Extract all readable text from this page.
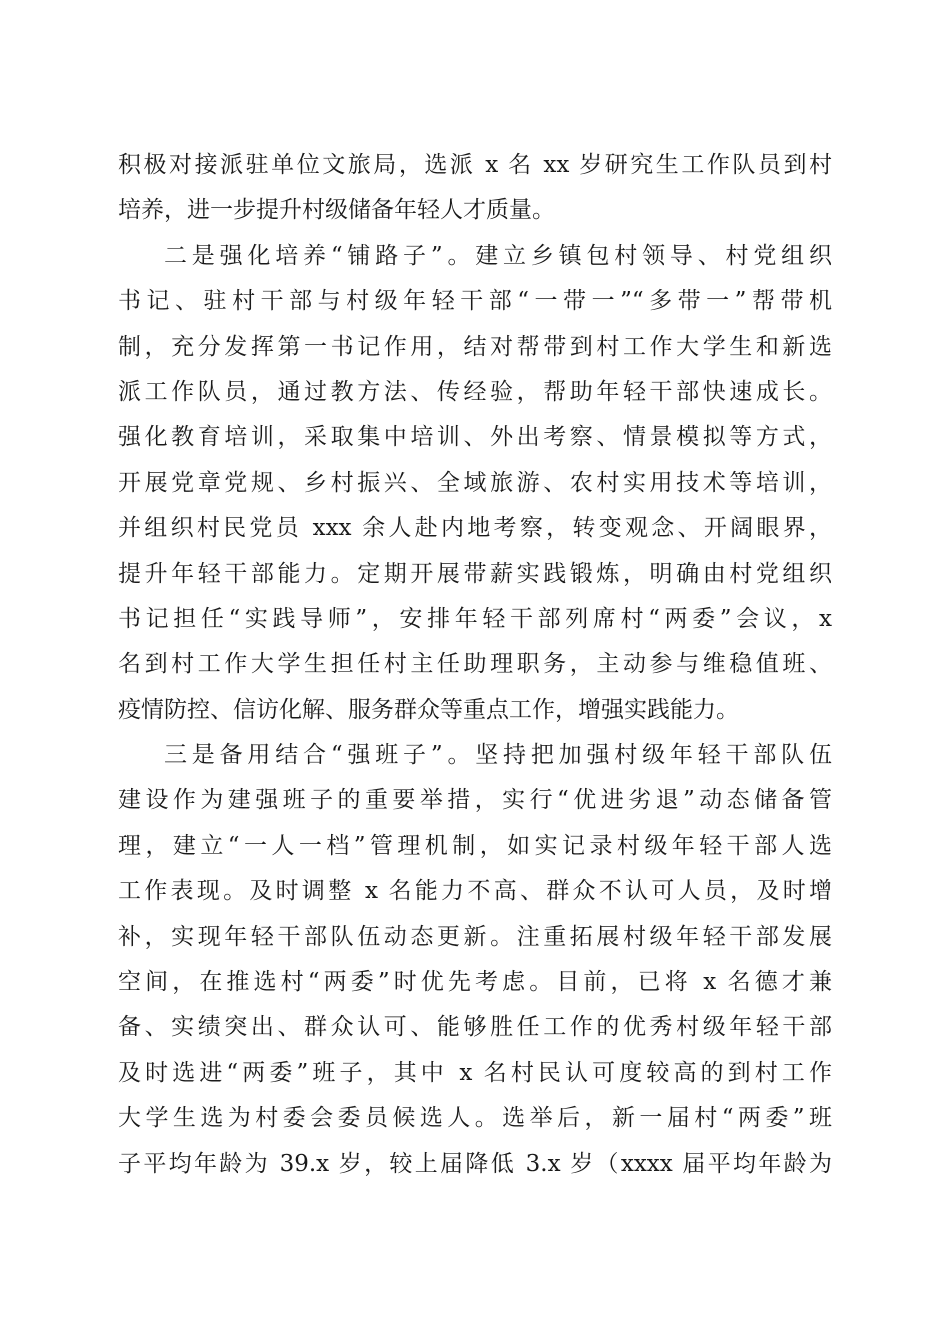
积极对接派驻单位文旅局，选派 x 名 xx 岁研究生工作队员到村
培养，进一步提升村级储备年轻人才质量。
二是强化培养“铺路子”。建立乡镇包村领导、村党组织
书记、驻村干部与村级年轻干部“一带一”“多带一”帮带机
制，充分发挥第一书记作用，结对帮带到村工作大学生和新选
派工作队员，通过教方法、传经验，帮助年轻干部快速成长。
强化教育培训，采取集中培训、外出考察、情景模拟等方式，
开展党章党规、乡村振兴、全域旅游、农村实用技术等培训，
并组织村民党员 xxx 余人赴内地考察，转变观念、开阔眼界，
提升年轻干部能力。定期开展带薪实践锻炼，明确由村党组织
书记担任“实践导师”，安排年轻干部列席村“两委”会议，x
名到村工作大学生担任村主任助理职务，主动参与维稳值班、
疫情防控、信访化解、服务群众等重点工作，增强实践能力。
三是备用结合“强班子”。坚持把加强村级年轻干部队伍
建设作为建强班子的重要举措，实行“优进劣退”动态储备管
理，建立“一人一档”管理机制，如实记录村级年轻干部人选
工作表现。及时调整 x 名能力不高、群众不认可人员，及时增
补，实现年轻干部队伍动态更新。注重拓展村级年轻干部发展
空间，在推选村“两委”时优先考虑。目前，已将 x 名德才兼
备、实绩突出、群众认可、能够胜任工作的优秀村级年轻干部
及时选进“两委”班子，其中 x 名村民认可度较高的到村工作
大学生选为村委会委员候选人。选举后，新一届村“两委”班
子平均年龄为 39.x 岁，较上届降低 3.x 岁（xxxx 届平均年龄为
